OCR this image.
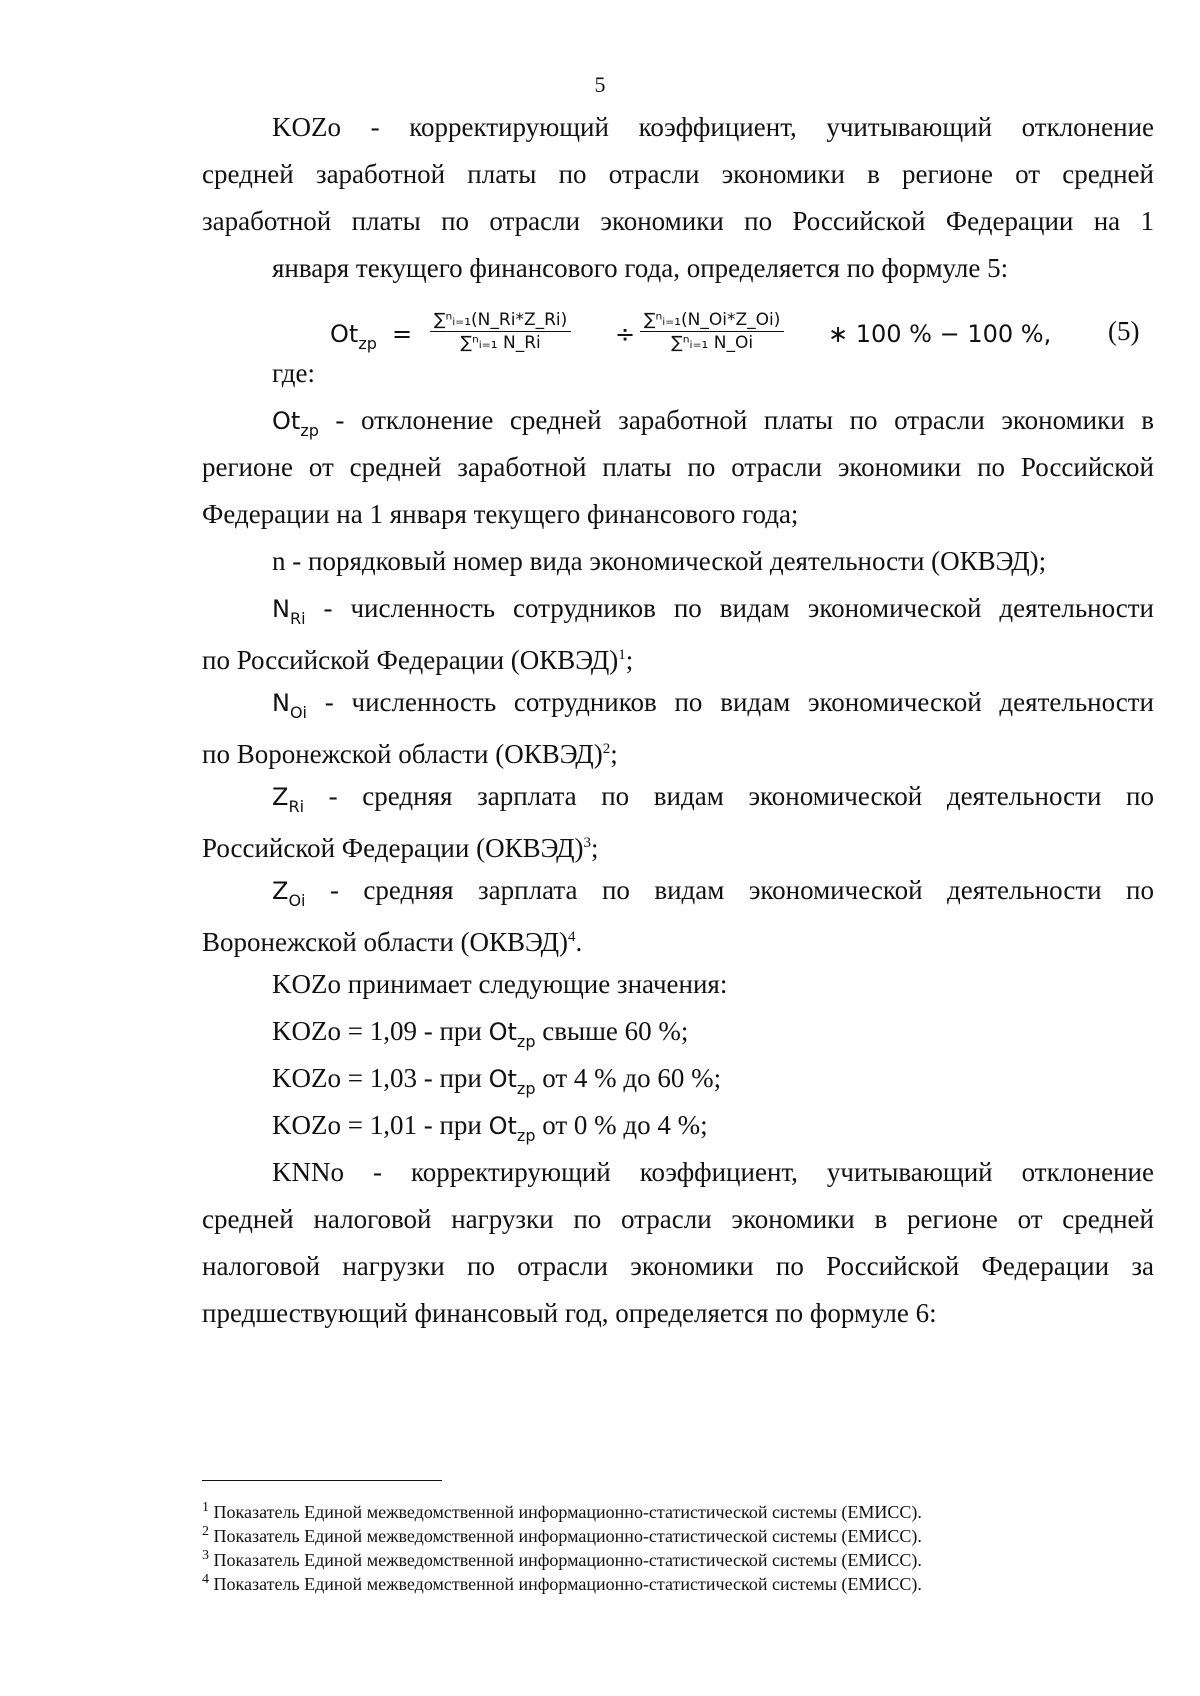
5
KOZo - корректирующий коэффициент, учитывающий отклонение
средней заработной платы по отрасли экономики в регионе от средней
заработной платы по отрасли экономики по Российской Федерации на 1
января текущего финансового года, определяется по формуле 5:
$Ot_{zp} = \frac{\text{∑ⁿᵢ₌₁(N\_Ri*Z\_Ri)}}{\text{∑ⁿᵢ₌₁ N\_Ri}} \div \frac{\text{∑ⁿᵢ₌₁(N\_Oi*Z\_Oi)}}{\text{∑ⁿᵢ₌₁ N\_Oi}}$ ∗ 100 % − 100 %, (5)
где:
$Ot_{zp}$ - отклонение средней заработной платы по отрасли экономики в
регионе от средней заработной платы по отрасли экономики по Российской
Федерации на 1 января текущего финансового года;
n - порядковый номер вида экономической деятельности (ОКВЭД);
$N_{Ri}$ - численность сотрудников по видам экономической деятельности
по Российской Федерации (ОКВЭД)$^1$;
$N_{Oi}$ - численность сотрудников по видам экономической деятельности
по Воронежской области (ОКВЭД)$^2$;
$Z_{Ri}$ - средняя зарплата по видам экономической деятельности по
Российской Федерации (ОКВЭД)$^3$;
$Z_{Oi}$ - средняя зарплата по видам экономической деятельности по
Воронежской области (ОКВЭД)$^4$.
KOZo принимает следующие значения:
KOZo = 1,09 - при $Ot_{zp}$ свыше 60 %;
KOZo = 1,03 - при $Ot_{zp}$ от 4 % до 60 %;
KOZo = 1,01 - при $Ot_{zp}$ от 0 % до 4 %;
KNNo - корректирующий коэффициент, учитывающий отклонение
средней налоговой нагрузки по отрасли экономики в регионе от средней
налоговой нагрузки по отрасли экономики по Российской Федерации за
предшествующий финансовый год, определяется по формуле 6:
$^1$ Показатель Единой межведомственной информационно-статистической системы (ЕМИСС).
$^2$ Показатель Единой межведомственной информационно-статистической системы (ЕМИСС).
$^3$ Показатель Единой межведомственной информационно-статистической системы (ЕМИСС).
$^4$ Показатель Единой межведомственной информационно-статистической системы (ЕМИСС).
